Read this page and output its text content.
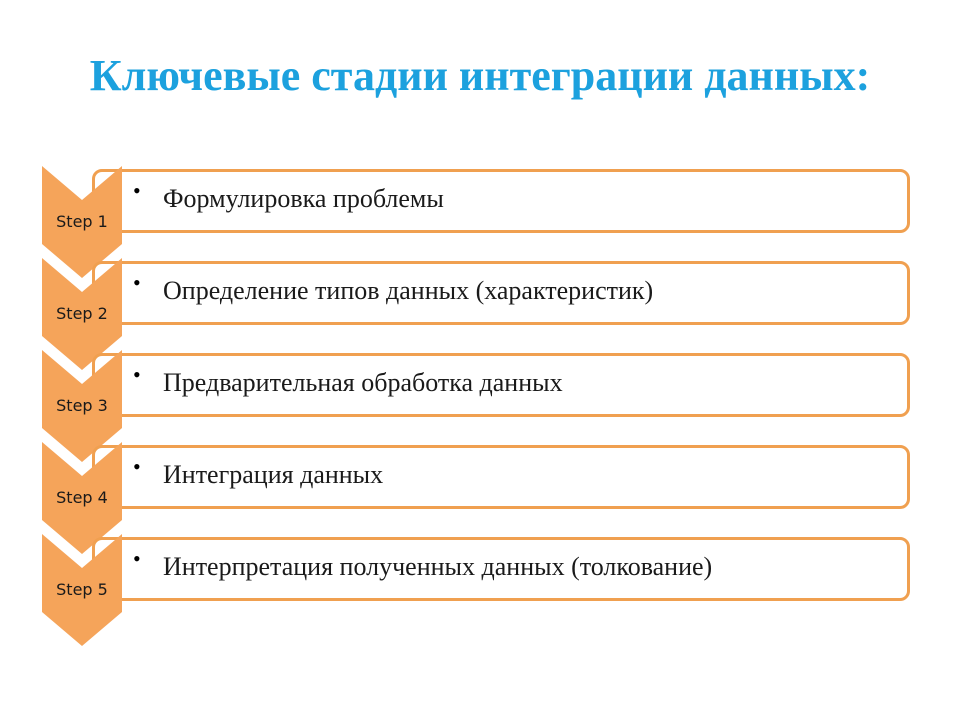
Ключевые стадии интеграции данных:
• Формулировка проблемы
Step 1
• Определение типов данных (характеристик)
Step 2
• Предварительная обработка данных
Step 3
• Интеграция данных
Step 4
• Интерпретация полученных данных (толкование)
Step 5
